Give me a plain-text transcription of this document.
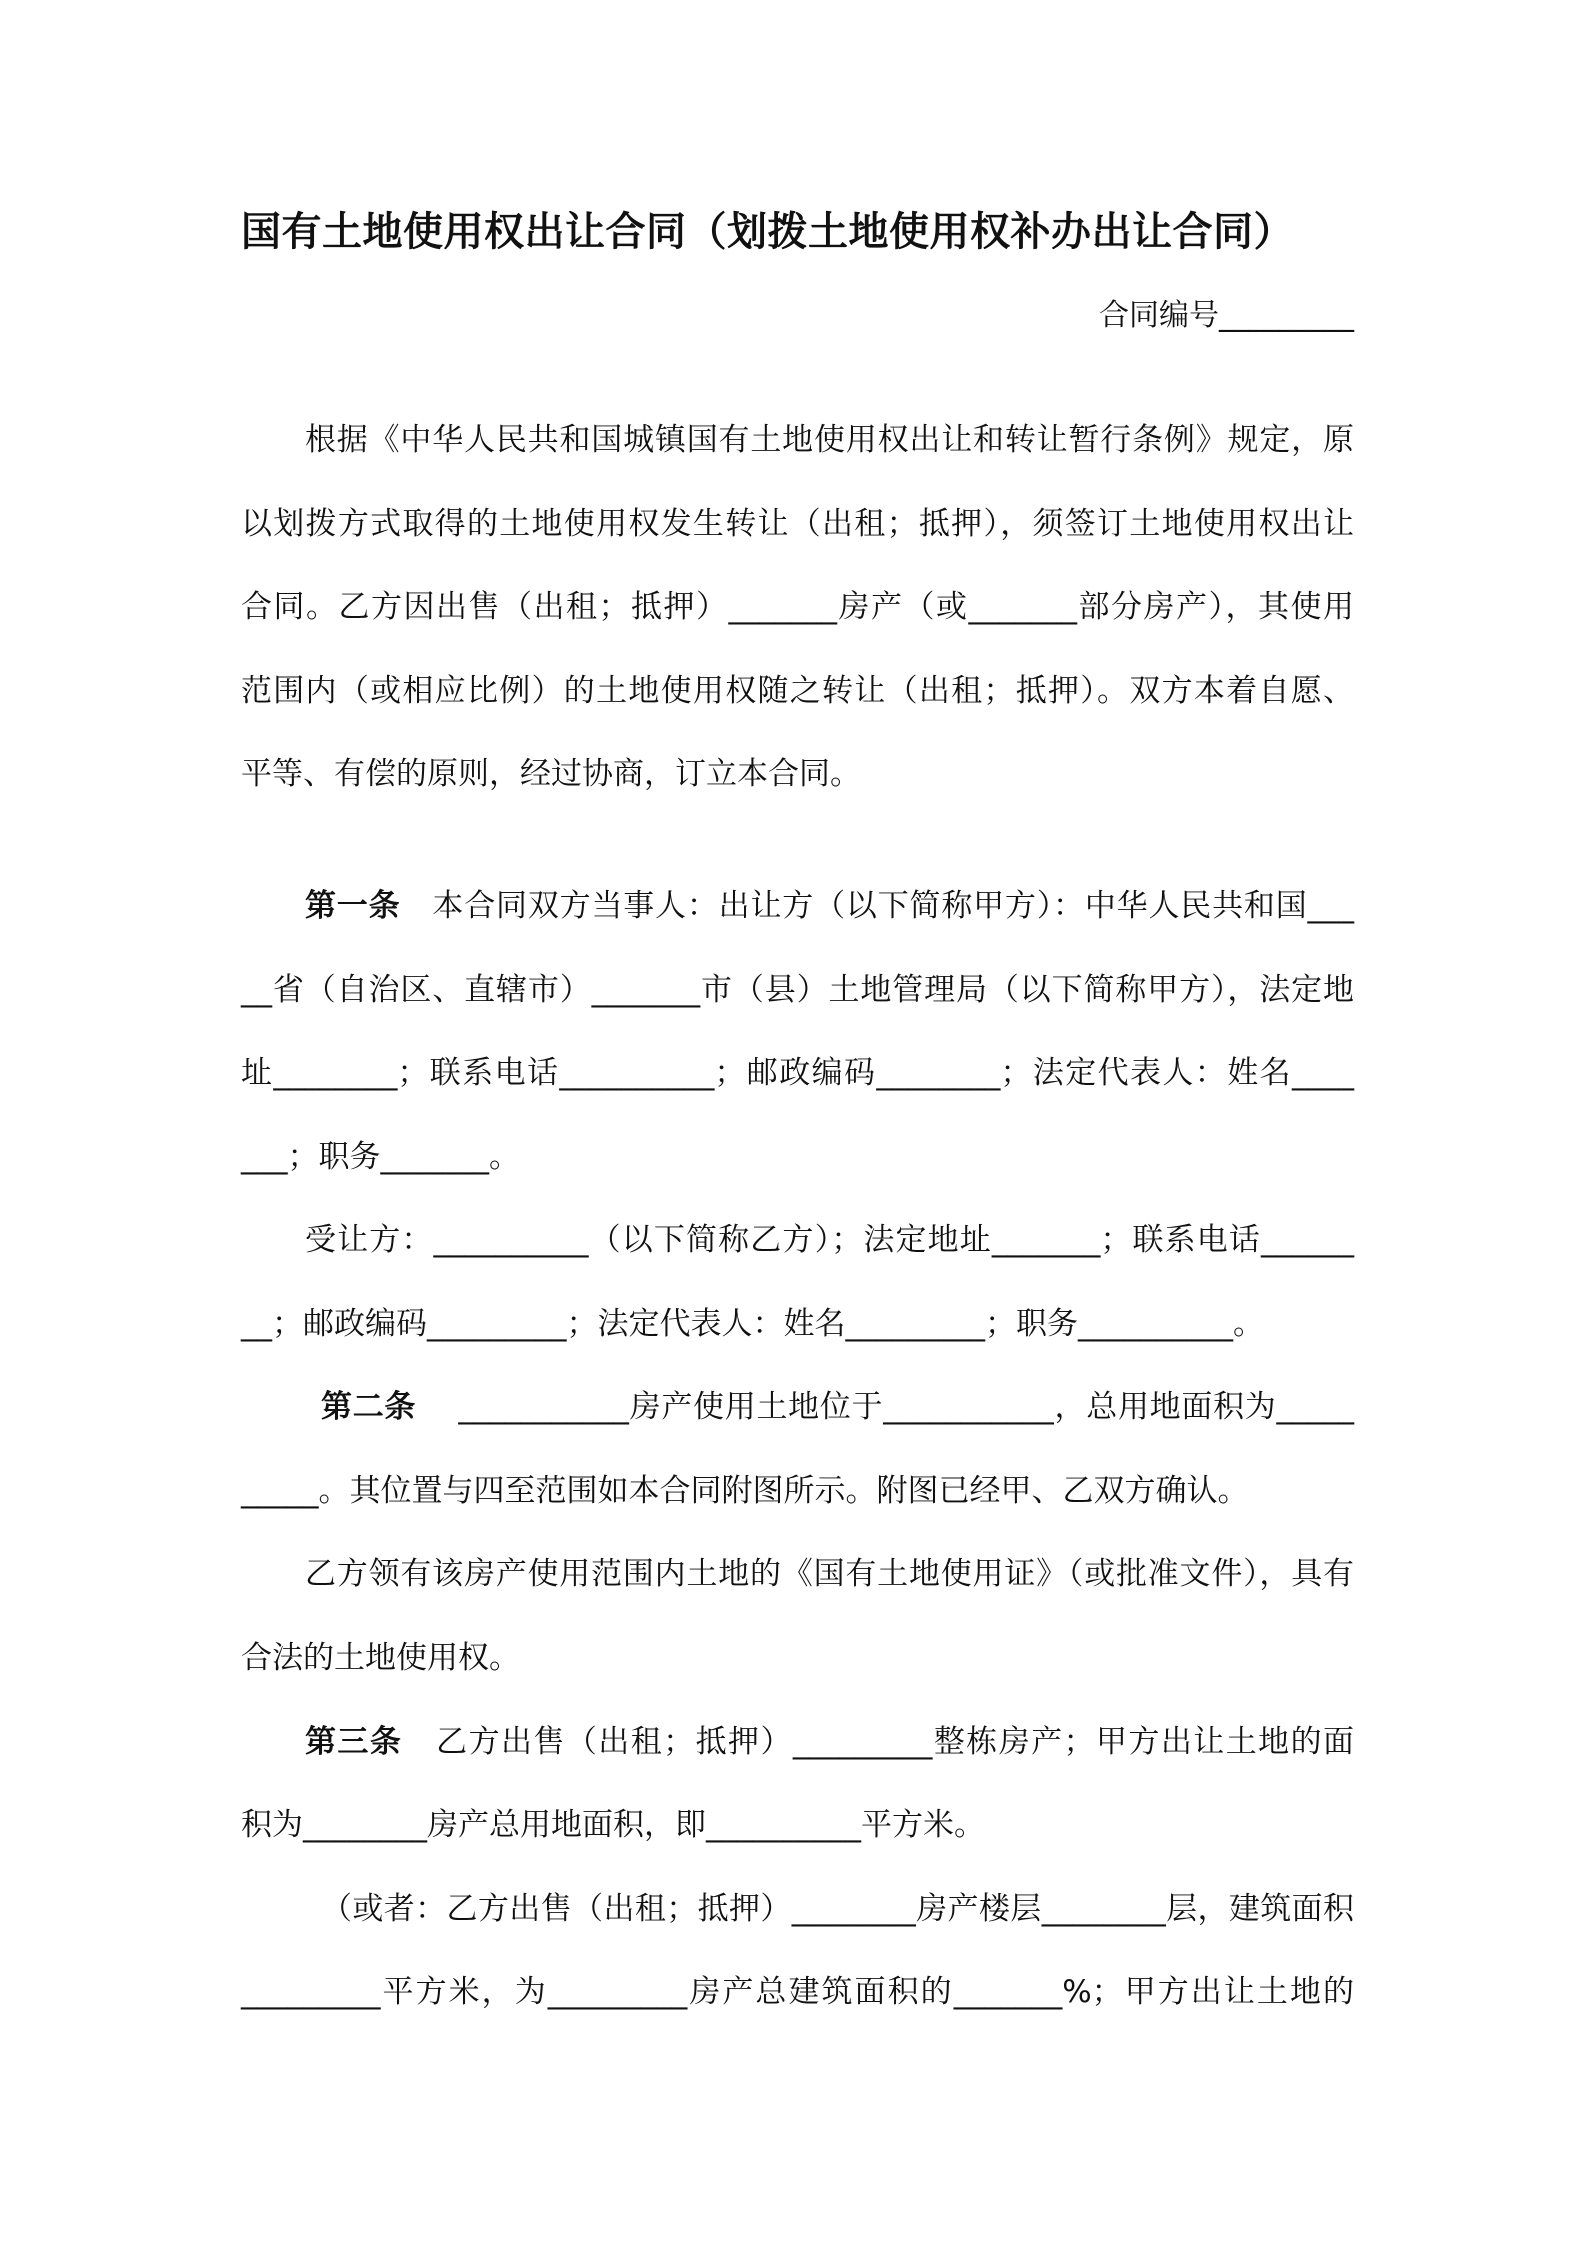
国有土地使用权出让合同（划拨土地使用权补办出让合同）
合同编号_________
根据《中华人民共和国城镇国有土地使用权出让和转让暂行条例》规定，原
以划拨方式取得的土地使用权发生转让（出租；抵押），须签订土地使用权出让
合同。乙方因出售（出租；抵押）_______房产（或_______部分房产），其使用
范围内（或相应比例）的土地使用权随之转让（出租；抵押）。双方本着自愿、
平等、有偿的原则，经过协商，订立本合同。
第一条 本合同双方当事人：出让方（以下简称甲方）：中华人民共和国___
__省（自治区、直辖市）_______市（县）土地管理局（以下简称甲方），法定地
址________；联系电话__________；邮政编码________；法定代表人：姓名____
___；职务_______。
受让方：__________（以下简称乙方）；法定地址_______；联系电话______
__；邮政编码_________；法定代表人：姓名_________；职务__________。
第二条 ___________房产使用土地位于___________，总用地面积为_____
_____。其位置与四至范围如本合同附图所示。附图已经甲、乙双方确认。
乙方领有该房产使用范围内土地的《国有土地使用证》（或批准文件），具有
合法的土地使用权。
第三条 乙方出售（出租；抵押）_________整栋房产；甲方出让土地的面
积为________房产总用地面积，即__________平方米。
（或者：乙方出售（出租；抵押）________房产楼层________层，建筑面积
_________平方米，为_________房产总建筑面积的_______%；甲方出让土地的
